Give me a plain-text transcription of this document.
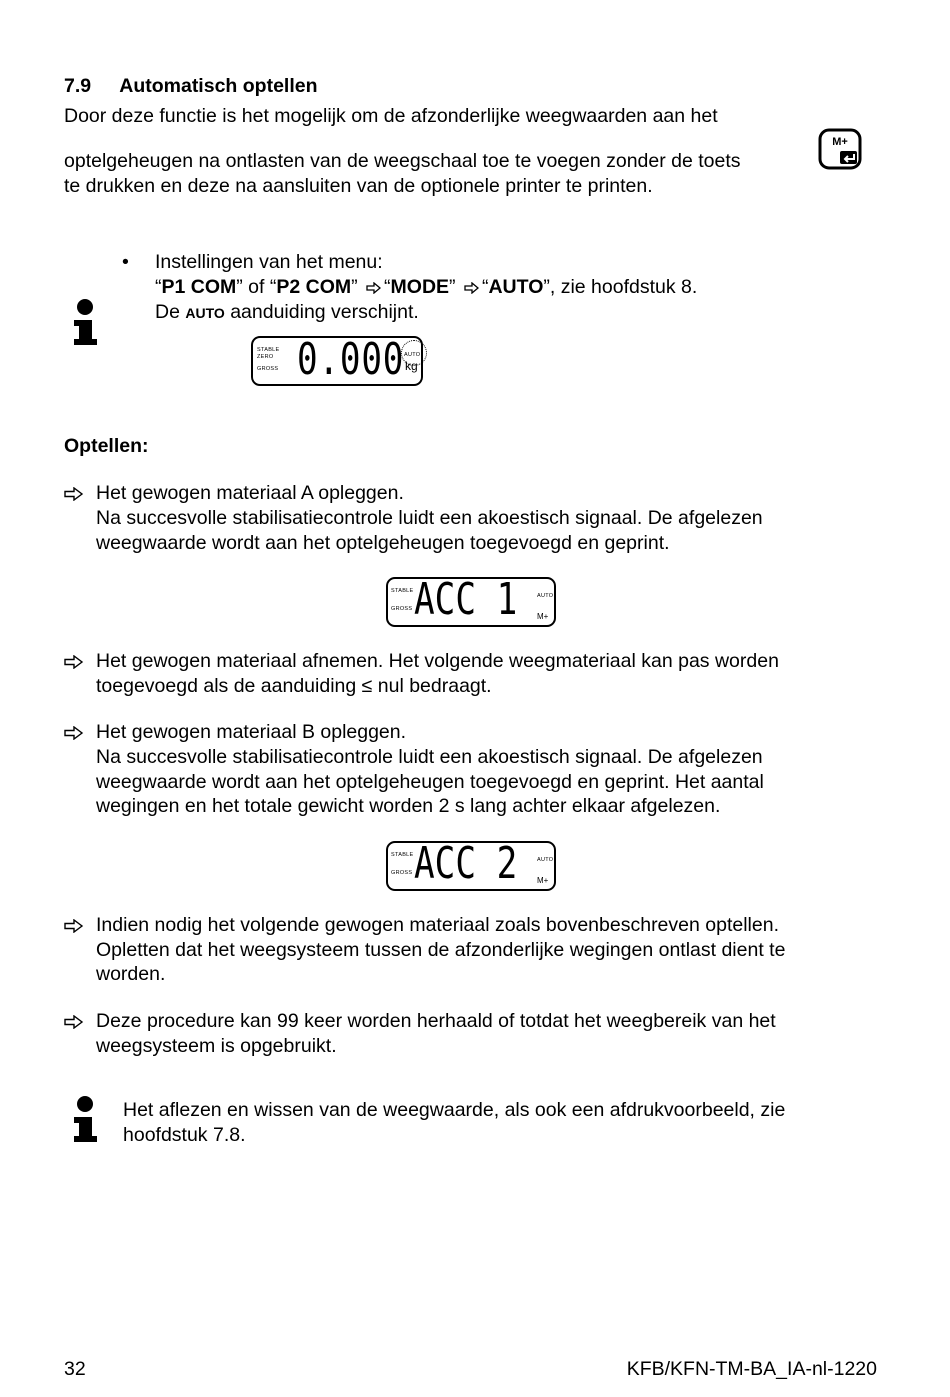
7.9 Automatisch optellen
Door deze functie is het mogelijk om de afzonderlijke weegwaarden aan het
optelgeheugen na ontlasten van de weegschaal toe te voegen zonder de toets
te drukken en deze na aansluiten van de optionele printer te printen.
M+
• Instellingen van het menu:
“P1 COM” of “P2 COM” “MODE” “AUTO”, zie hoofdstuk 8.
De AUTO aanduiding verschijnt.
STABLE
ZERO
GROSS 0.000 AUTO
kg
Optellen:
Het gewogen materiaal A opleggen.
Na succesvolle stabilisatiecontrole luidt een akoestisch signaal. De afgelezen
weegwaarde wordt aan het optelgeheugen toegevoegd en geprint.
STABLE
GROSS ACC 1	AUTO
M+
Het gewogen materiaal afnemen. Het volgende weegmateriaal kan pas worden
toegevoegd als de aanduiding ≤ nul bedraagt.
Het gewogen materiaal B opleggen.
Na succesvolle stabilisatiecontrole luidt een akoestisch signaal. De afgelezen
weegwaarde wordt aan het optelgeheugen toegevoegd en geprint. Het aantal
wegingen en het totale gewicht worden 2 s lang achter elkaar afgelezen.
STABLE
GROSS ACC 2	AUTO
M+
Indien nodig het volgende gewogen materiaal zoals bovenbeschreven optellen.
Opletten dat het weegsysteem tussen de afzonderlijke wegingen ontlast dient te
worden.
Deze procedure kan 99 keer worden herhaald of totdat het weegbereik van het
weegsysteem is opgebruikt.
Het aflezen en wissen van de weegwaarde, als ook een afdrukvoorbeeld, zie
hoofdstuk 7.8.
32	KFB/KFN-TM-BA_IA-nl-1220
